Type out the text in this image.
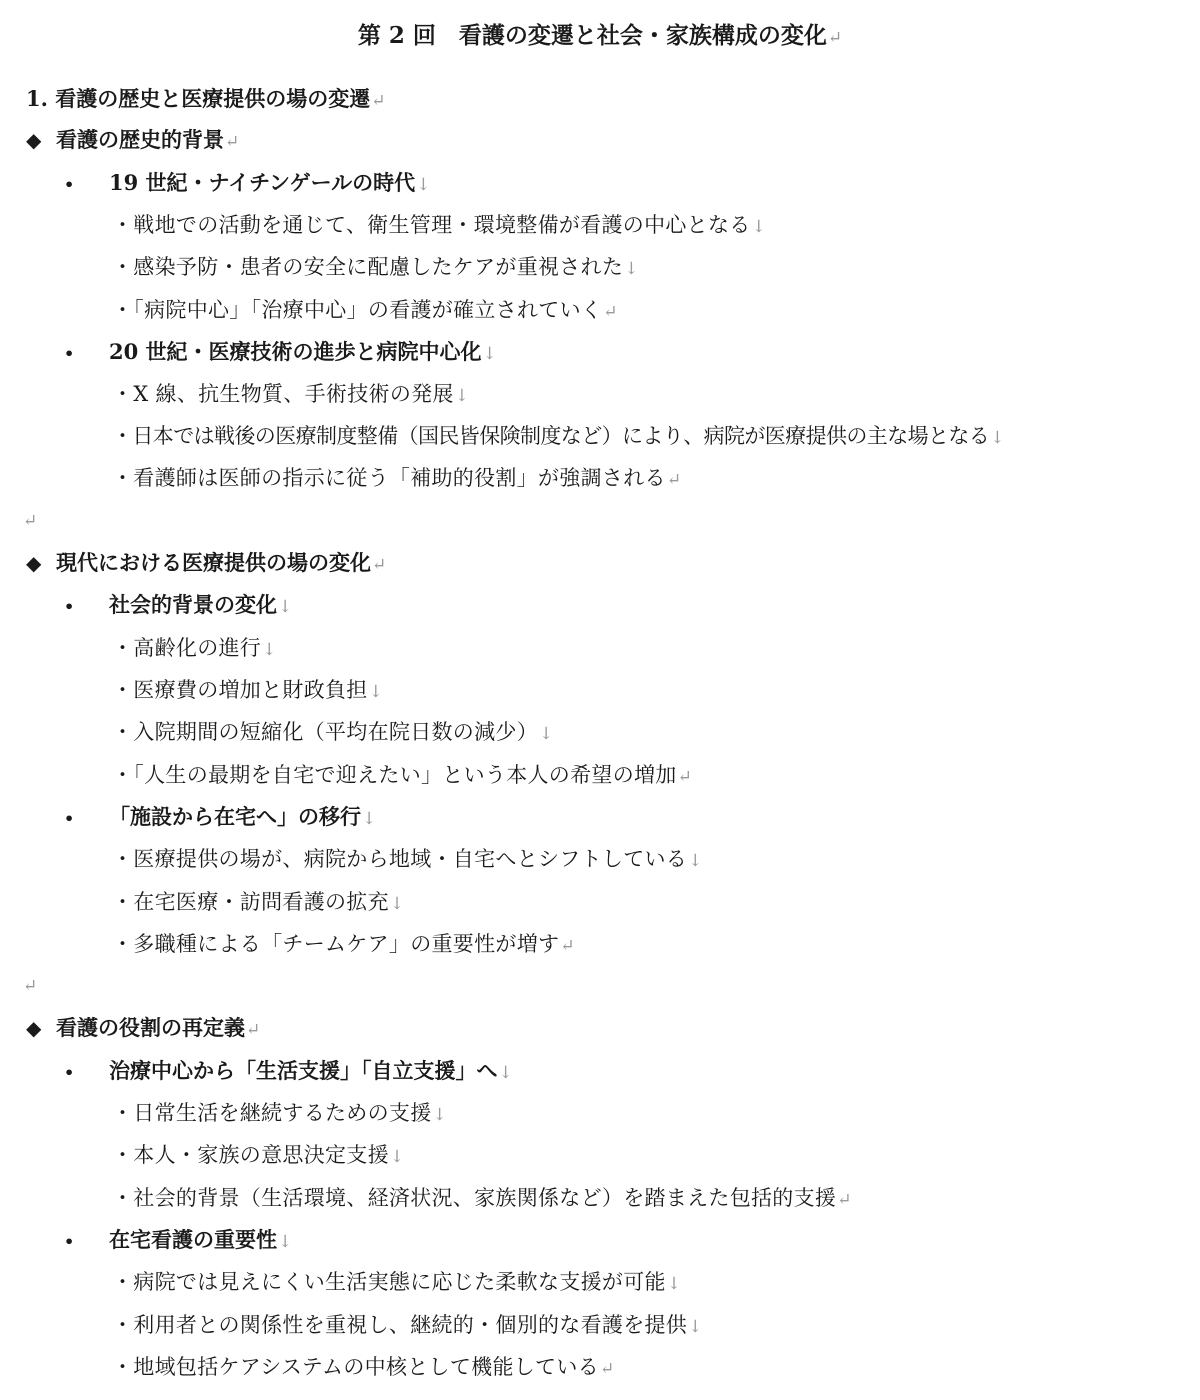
第 2 回　看護の変遷と社会・家族構成の変化↵
1. 看護の歴史と医療提供の場の変遷↵
◆ 看護の歴史的背景↵
• 19 世紀・ナイチンゲールの時代↓
・戦地での活動を通じて、衛生管理・環境整備が看護の中心となる↓
・感染予防・患者の安全に配慮したケアが重視された↓
・「病院中心」「治療中心」の看護が確立されていく↵
• 20 世紀・医療技術の進歩と病院中心化↓
・X 線、抗生物質、手術技術の発展↓
・日本では戦後の医療制度整備（国民皆保険制度など）により、病院が医療提供の主な場となる↓
・看護師は医師の指示に従う「補助的役割」が強調される↵
↵
◆ 現代における医療提供の場の変化↵
• 社会的背景の変化↓
・高齢化の進行↓
・医療費の増加と財政負担↓
・入院期間の短縮化（平均在院日数の減少）↓
・「人生の最期を自宅で迎えたい」という本人の希望の増加↵
• 「施設から在宅へ」の移行↓
・医療提供の場が、病院から地域・自宅へとシフトしている↓
・在宅医療・訪問看護の拡充↓
・多職種による「チームケア」の重要性が増す↵
↵
◆ 看護の役割の再定義↵
• 治療中心から「生活支援」「自立支援」へ↓
・日常生活を継続するための支援↓
・本人・家族の意思決定支援↓
・社会的背景（生活環境、経済状況、家族関係など）を踏まえた包括的支援↵
• 在宅看護の重要性↓
・病院では見えにくい生活実態に応じた柔軟な支援が可能↓
・利用者との関係性を重視し、継続的・個別的な看護を提供↓
・地域包括ケアシステムの中核として機能している↵
